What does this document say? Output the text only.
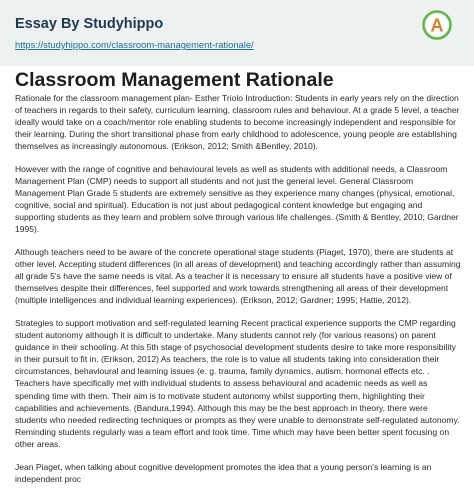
Essay By Studyhippo
https://studyhippo.com/classroom-management-rationale/
A
Classroom Management Rationale

Rationale for the classroom management plan- Esther Triolo Introduction: Students in early years rely on the direction of teachers in regards to their safety, curriculum learning, classroom rules and behaviour. At a grade 5 level, a teacher ideally would take on a coach/mentor role enabling students to become increasingly independent and responsible for their learning. During the short transitional phase from early childhood to adolescence, young people are establishing themselves as increasingly autonomous. (Erikson, 2012; Smith &Bentley, 2010).

However with the range of cognitive and behavioural levels as well as students with additional needs, a Classroom Management Plan (CMP) needs to support all students and not just the general level. General Classroom Management Plan Grade 5 students are extremely sensitive as they experience many changes (physical, emotional, cognitive, social and spiritual). Education is not just about pedagogical content knowledge but engaging and supporting students as they learn and problem solve through various life challenges. (Smith & Bentley, 2010; Gardner 1995).

Although teachers need to be aware of the concrete operational stage students (Piaget, 1970), there are students at other level. Accepting student differences (in all areas of development) and teaching accordingly rather than assuming all grade 5's have the same needs is vital. As a teacher it is necessary to ensure all students have a positive view of themselves despite their differences, feel supported and work towards strengthening all areas of their development (multiple intelligences and individual learning experiences). (Erikson, 2012; Gardner; 1995; Hattie, 2012).

Strategies to support motivation and self-regulated learning Recent practical experience supports the CMP regarding student autonomy although it is difficult to undertake. Many students cannot rely (for various reasons) on parent guidance in their schooling. At this 5th stage of psychosocial development students desire to take more responsibility in their pursuit to fit in. (Erikson, 2012) As teachers, the role is to value all students taking into consideration their circumstances, behavioural and learning issues (e. g. trauma, family dynamics, autism, hormonal effects etc. . Teachers have specifically met with individual students to assess behavioural and academic needs as well as spending time with them. Their aim is to motivate student autonomy whilst supporting them, highlighting their capabilities and achievements. (Bandura,1994). Although this may be the best approach in theory, there were students who needed redirecting techniques or prompts as they were unable to demonstrate self-regulated autonomy. Reminding students regularly was a team effort and took time. Time which may have been better spent focusing on other areas.

Jean Piaget, when talking about cognitive development promotes the idea that a young person's learning is an independent proc
